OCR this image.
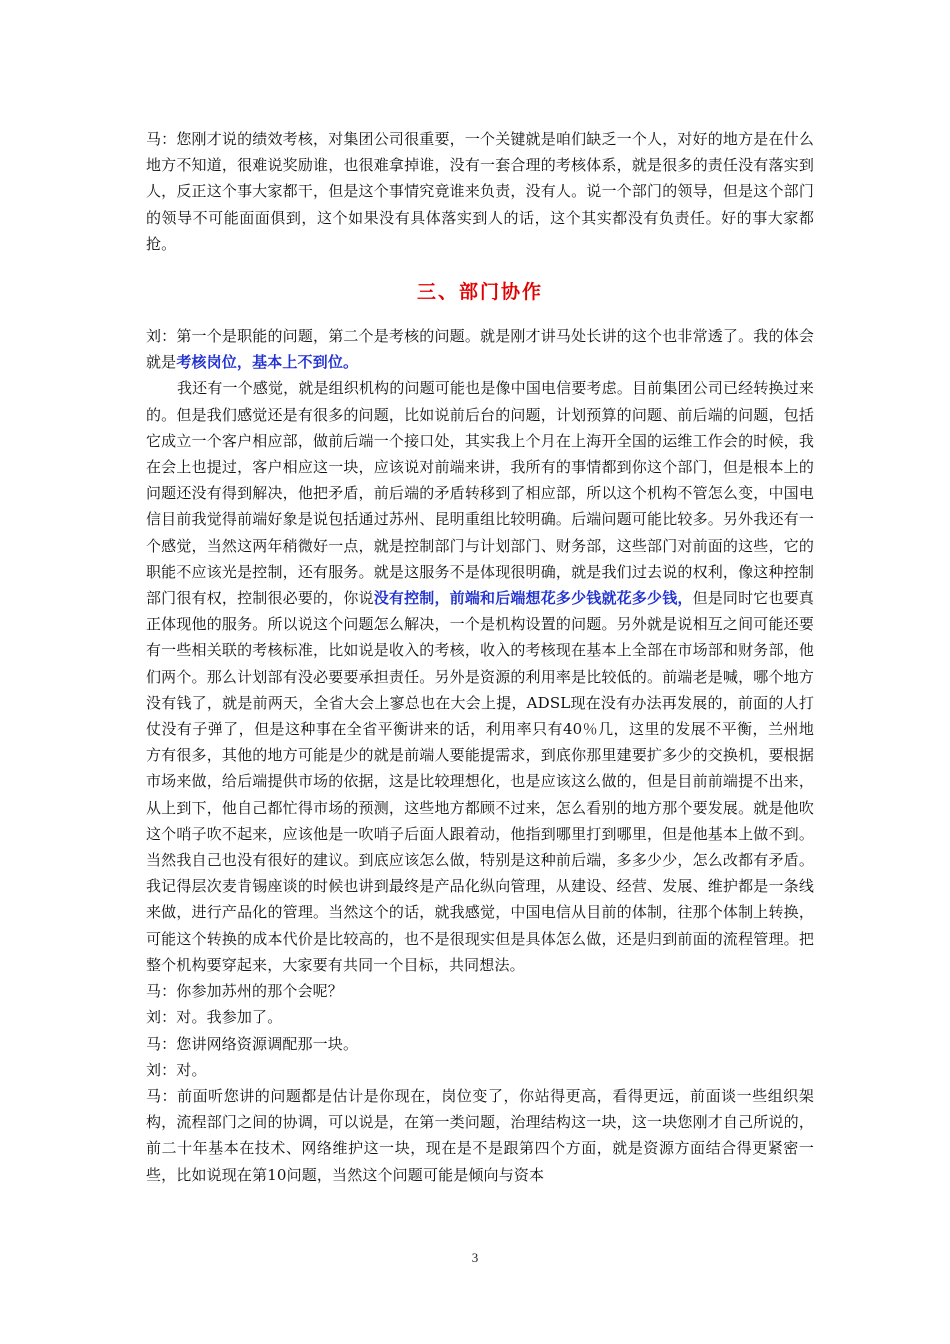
马：您刚才说的绩效考核，对集团公司很重要，一个关键就是咱们缺乏一个人，对好的地方是在什么地方不知道，很难说奖励谁，也很难拿掉谁，没有一套合理的考核体系，就是很多的责任没有落实到人，反正这个事大家都干，但是这个事情究竟谁来负责，没有人。说一个部门的领导，但是这个部门的领导不可能面面俱到，这个如果没有具体落实到人的话，这个其实都没有负责任。好的事大家都抢。

三、部门协作

刘：第一个是职能的问题，第二个是考核的问题。就是刚才讲马处长讲的这个也非常透了。我的体会就是考核岗位，基本上不到位。

我还有一个感觉，就是组织机构的问题可能也是像中国电信要考虑。目前集团公司已经转换过来的。但是我们感觉还是有很多的问题，比如说前后台的问题，计划预算的问题、前后端的问题，包括它成立一个客户相应部，做前后端一个接口处，其实我上个月在上海开全国的运维工作会的时候，我在会上也提过，客户相应这一块，应该说对前端来讲，我所有的事情都到你这个部门，但是根本上的问题还没有得到解决，他把矛盾，前后端的矛盾转移到了相应部，所以这个机构不管怎么变，中国电信目前我觉得前端好象是说包括通过苏州、昆明重组比较明确。后端问题可能比较多。另外我还有一个感觉，当然这两年稍微好一点，就是控制部门与计划部门、财务部，这些部门对前面的这些，它的职能不应该光是控制，还有服务。就是这服务不是体现很明确，就是我们过去说的权利，像这种控制部门很有权，控制很必要的，你说没有控制，前端和后端想花多少钱就花多少钱，但是同时它也要真正体现他的服务。所以说这个问题怎么解决，一个是机构设置的问题。另外就是说相互之间可能还要有一些相关联的考核标准，比如说是收入的考核，收入的考核现在基本上全部在市场部和财务部，他们两个。那么计划部有没必要要承担责任。另外是资源的利用率是比较低的。前端老是喊，哪个地方没有钱了，就是前两天，全省大会上寥总也在大会上提，ADSL现在没有办法再发展的，前面的人打仗没有子弹了，但是这种事在全省平衡讲来的话，利用率只有40％几，这里的发展不平衡，兰州地方有很多，其他的地方可能是少的就是前端人要能提需求，到底你那里建要扩多少的交换机，要根据市场来做，给后端提供市场的依据，这是比较理想化，也是应该这么做的，但是目前前端提不出来，从上到下，他自己都忙得市场的预测，这些地方都顾不过来，怎么看别的地方那个要发展。就是他吹这个哨子吹不起来，应该他是一吹哨子后面人跟着动，他指到哪里打到哪里，但是他基本上做不到。当然我自己也没有很好的建议。到底应该怎么做，特别是这种前后端，多多少少，怎么改都有矛盾。我记得层次麦肯锡座谈的时候也讲到最终是产品化纵向管理，从建设、经营、发展、维护都是一条线来做，进行产品化的管理。当然这个的话，就我感觉，中国电信从目前的体制，往那个体制上转换，可能这个转换的成本代价是比较高的，也不是很现实但是具体怎么做，还是归到前面的流程管理。把整个机构要穿起来，大家要有共同一个目标，共同想法。

马：你参加苏州的那个会呢？

刘：对。我参加了。

马：您讲网络资源调配那一块。

刘：对。

马：前面听您讲的问题都是估计是你现在，岗位变了，你站得更高，看得更远，前面谈一些组织架构，流程部门之间的协调，可以说是，在第一类问题，治理结构这一块，这一块您刚才自己所说的，前二十年基本在技术、网络维护这一块，现在是不是跟第四个方面，就是资源方面结合得更紧密一些，比如说现在第10问题，当然这个问题可能是倾向与资本

3
